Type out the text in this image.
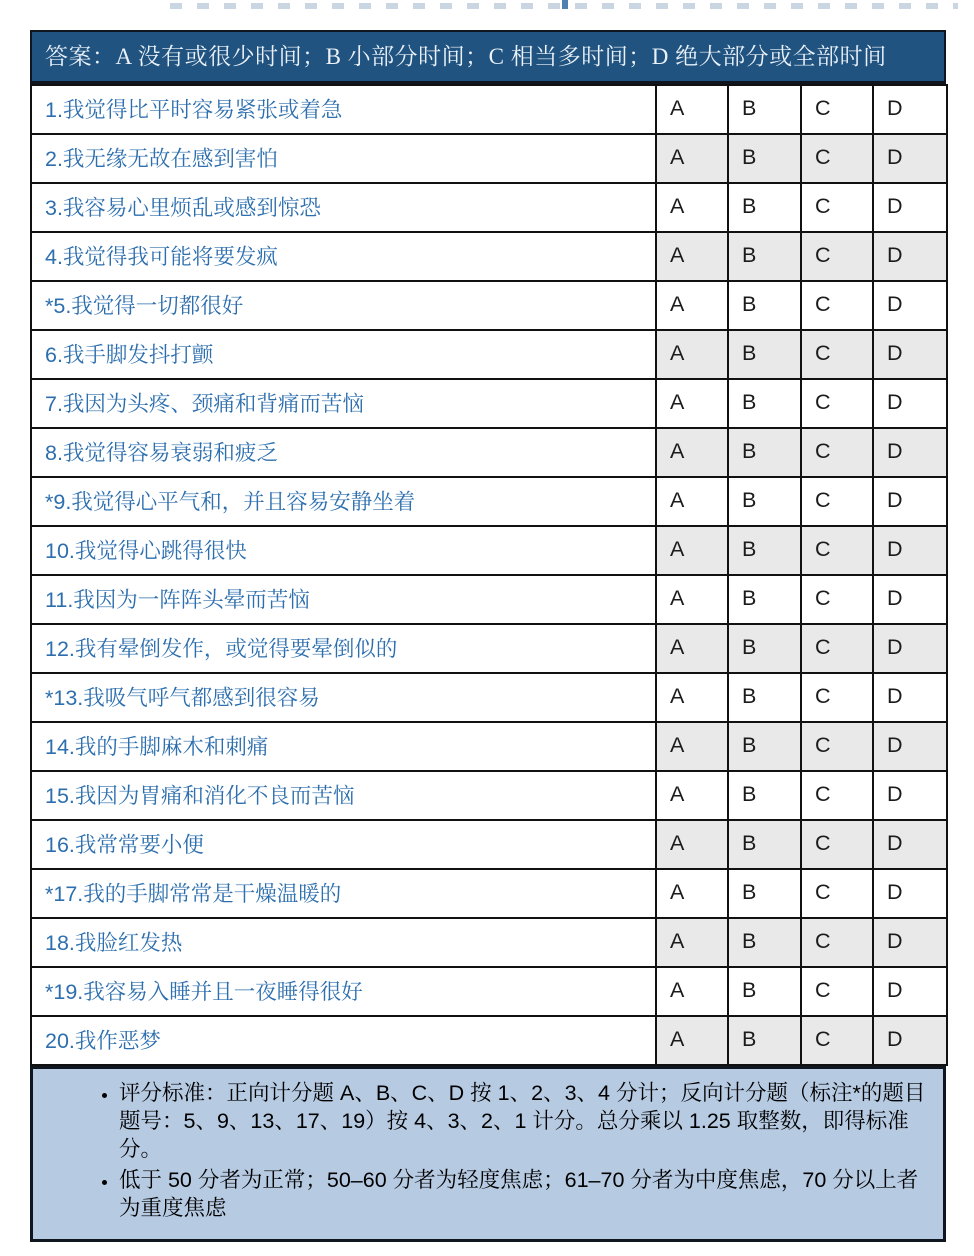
答案：A 没有或很少时间；B 小部分时间；C 相当多时间；D 绝大部分或全部时间
1.我觉得比平时容易紧张或着急	A	B	C	D
2.我无缘无故在感到害怕	A	B	C	D
3.我容易心里烦乱或感到惊恐	A	B	C	D
4.我觉得我可能将要发疯	A	B	C	D
*5.我觉得一切都很好	A	B	C	D
6.我手脚发抖打颤	A	B	C	D
7.我因为头疼、颈痛和背痛而苦恼	A	B	C	D
8.我觉得容易衰弱和疲乏	A	B	C	D
*9.我觉得心平气和，并且容易安静坐着	A	B	C	D
10.我觉得心跳得很快	A	B	C	D
11.我因为一阵阵头晕而苦恼	A	B	C	D
12.我有晕倒发作，或觉得要晕倒似的	A	B	C	D
*13.我吸气呼气都感到很容易	A	B	C	D
14.我的手脚麻木和刺痛	A	B	C	D
15.我因为胃痛和消化不良而苦恼	A	B	C	D
16.我常常要小便	A	B	C	D
*17.我的手脚常常是干燥温暖的	A	B	C	D
18.我脸红发热	A	B	C	D
*19.我容易入睡并且一夜睡得很好	A	B	C	D
20.我作恶梦	A	B	C	D
• 评分标准：正向计分题 A、B、C、D 按 1、2、3、4 分计；反向计分题（标注*的题目题号：5、9、13、17、19）按 4、3、2、1 计分。总分乘以 1.25 取整数，即得标准分。
• 低于 50 分者为正常；50–60 分者为轻度焦虑；61–70 分者为中度焦虑，70 分以上者为重度焦虑
